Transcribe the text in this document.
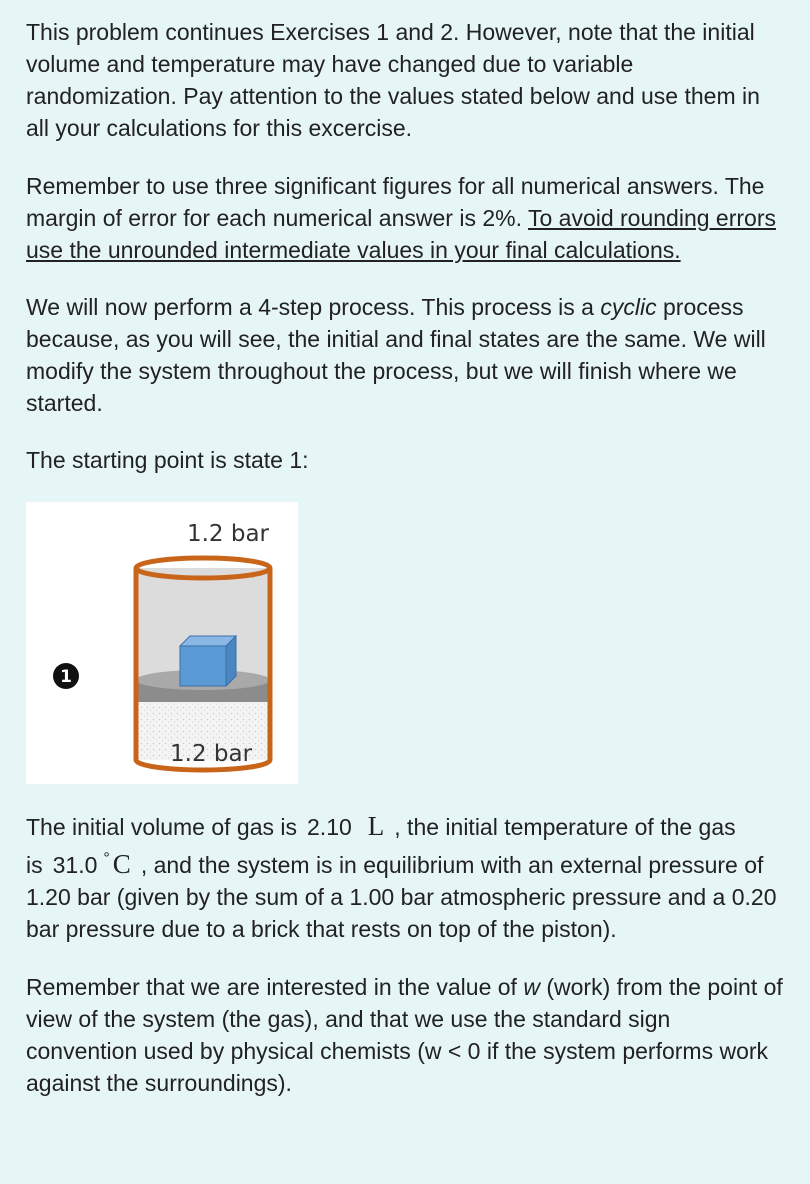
This problem continues Exercises 1 and 2. However, note that the initial volume and temperature may have changed due to variable randomization. Pay attention to the values stated below and use them in all your calculations for this excercise.

Remember to use three significant figures for all numerical answers. The margin of error for each numerical answer is 2%. To avoid rounding errors use the unrounded intermediate values in your final calculations.

We will now perform a 4-step process. This process is a cyclic process because, as you will see, the initial and final states are the same. We will modify the system throughout the process, but we will finish where we started.

The starting point is state 1:

1
1.2 bar
1.2 bar

The initial volume of gas is 2.10 L , the initial temperature of the gas is 31.0 ° C , and the system is in equilibrium with an external pressure of 1.20 bar (given by the sum of a 1.00 bar atmospheric pressure and a 0.20 bar pressure due to a brick that rests on top of the piston).

Remember that we are interested in the value of w (work) from the point of view of the system (the gas), and that we use the standard sign convention used by physical chemists (w < 0 if the system performs work against the surroundings).
